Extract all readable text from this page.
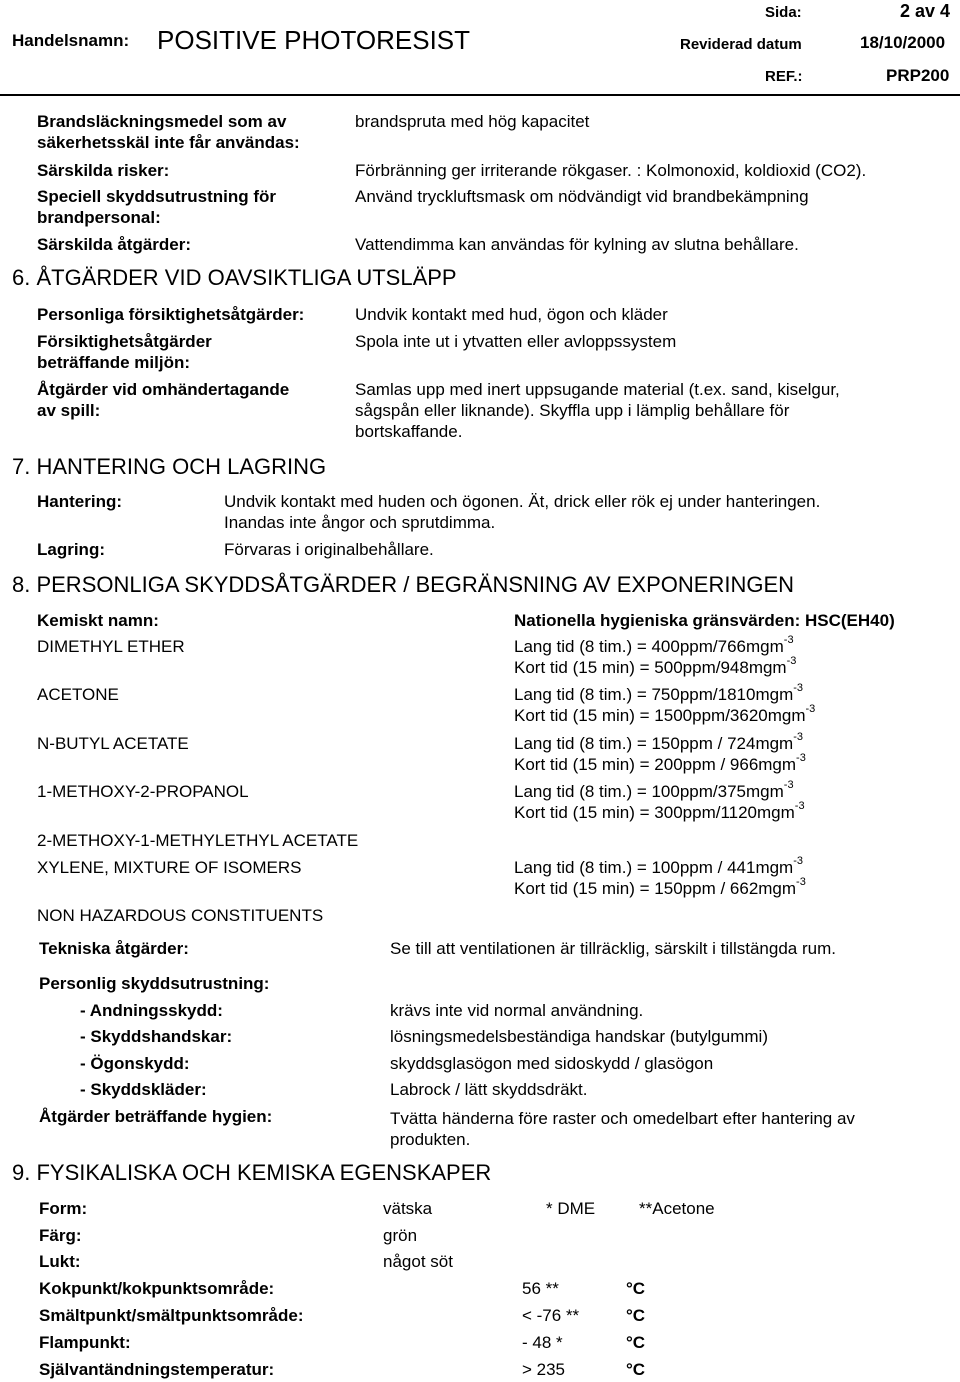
Handelsnamn: POSITIVE PHOTORESIST
Sida:	2 av 4
Reviderad datum	18/10/2000
REF.:	PRP200
Brandsläckningsmedel som av
säkerhetsskäl inte får användas:
brandspruta med hög kapacitet
Särskilda risker:	Förbränning ger irriterande rökgaser. : Kolmonoxid, koldioxid (CO2).
Speciell skyddsutrustning för
brandpersonal:
Använd tryckluftsmask om nödvändigt vid brandbekämpning
Särskilda åtgärder:	Vattendimma kan användas för kylning av slutna behållare.
6. ÅTGÄRDER VID OAVSIKTLIGA UTSLÄPP
Personliga försiktighetsåtgärder:	Undvik kontakt med hud, ögon och kläder
Försiktighetsåtgärder
beträffande miljön:
Spola inte ut i ytvatten eller avloppssystem
Åtgärder vid omhändertagande
av spill:
Samlas upp med inert uppsugande material (t.ex. sand, kiselgur,
sågspån eller liknande). Skyffla upp i lämplig behållare för
bortskaffande.
7. HANTERING OCH LAGRING
Hantering:	Undvik kontakt med huden och ögonen. Ät, drick eller rök ej under hanteringen.
Inandas inte ångor och sprutdimma.
Lagring:	Förvaras i originalbehållare.
8. PERSONLIGA SKYDDSÅTGÄRDER / BEGRÄNSNING AV EXPONERINGEN
Kemiskt namn:	Nationella hygieniska gränsvärden: HSC(EH40)
DIMETHYL ETHER	Lang tid (8 tim.) = 400ppm/766mgm$^{-3}$
Kort tid (15 min) = 500ppm/948mgm$^{-3}$
ACETONE	Lang tid (8 tim.) = 750ppm/1810mgm$^{-3}$
Kort tid (15 min) = 1500ppm/3620mgm$^{-3}$
N-BUTYL ACETATE	Lang tid (8 tim.) = 150ppm / 724mgm$^{-3}$
Kort tid (15 min) = 200ppm / 966mgm$^{-3}$
1-METHOXY-2-PROPANOL	Lang tid (8 tim.) = 100ppm/375mgm$^{-3}$
Kort tid (15 min) = 300ppm/1120mgm$^{-3}$
2-METHOXY-1-METHYLETHYL ACETATE
XYLENE, MIXTURE OF ISOMERS	Lang tid (8 tim.) = 100ppm / 441mgm$^{-3}$
Kort tid (15 min) = 150ppm / 662mgm$^{-3}$
NON HAZARDOUS CONSTITUENTS
Tekniska åtgärder:	Se till att ventilationen är tillräcklig, särskilt i tillstängda rum.
Personlig skyddsutrustning:
- Andningsskydd:	krävs inte vid normal användning.
- Skyddshandskar:	lösningsmedelsbeständiga handskar (butylgummi)
- Ögonskydd:	skyddsglasögon med sidoskydd / glasögon
- Skyddskläder:	Labrock / lätt skyddsdräkt.
Åtgärder beträffande hygien:	Tvätta händerna före raster och omedelbart efter hantering av
produkten.
9. FYSIKALISKA OCH KEMISKA EGENSKAPER
Form:	vätska	* DME	**Acetone
Färg:	grön
Lukt:	något söt
Kokpunkt/kokpunktsområde:	56 **	°C
Smältpunkt/smältpunktsområde:	< -76 **	°C
Flampunkt:	- 48 *	°C
Självantändningstemperatur:	> 235	°C
